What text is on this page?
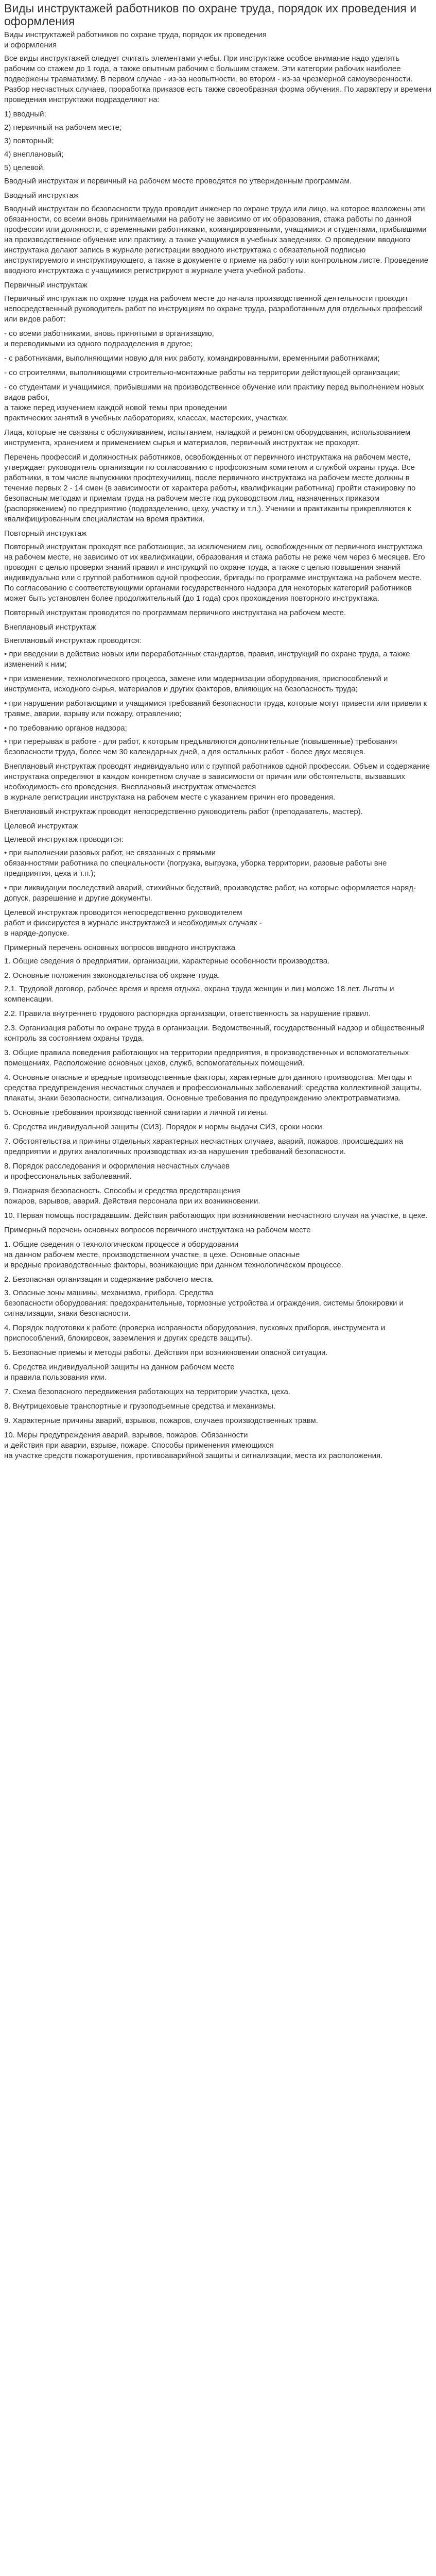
Виды инструктажей работников по охране труда, порядок их проведения и оформления

Виды инструктажей работников по охране труда, порядок их проведения
и оформления

Все виды инструктажей следует считать элементами учебы. При инструктаже особое внимание надо уделять рабочим со стажем до 1 года, а также опытным рабочим с большим стажем. Эти категории рабочих наиболее подвержены травматизму. В первом случае - из-за неопытности, во втором - из-за чрезмерной самоуверенности. Разбор несчастных случаев, проработка приказов есть также своеобразная форма обучения. По характеру и времени проведения инструктажи подразделяют на:

1) вводный;

2) первичный на рабочем месте;

3) повторный;

4) внеплановый;

5) целевой.

Вводный инструктаж и первичный на рабочем месте проводятся по утвержденным программам.

Вводный инструктаж

Вводный инструктаж по безопасности труда проводит инженер по охране труда или лицо, на которое возложены эти обязанности, со всеми вновь принимаемыми на работу не зависимо от их образования, стажа работы по данной профессии или должности, с временными работниками, командированными, учащимися и студентами, прибывшими на производственное обучение или практику, а также учащимися в учебных заведениях. О проведении вводного инструктажа делают запись в журнале регистрации вводного инструктажа с обязательной подписью инструктируемого и инструктирующего, а также в документе о приеме на работу или контрольном листе. Проведение вводного инструктажа с учащимися регистрируют в журнале учета учебной работы.

Первичный инструктаж

Первичный инструктаж по охране труда на рабочем месте до начала производственной деятельности проводит непосредственный руководитель работ по инструкциям по охране труда, разработанным для отдельных профессий или видов работ:

- со всеми работниками, вновь принятыми в организацию,
и переводимыми из одного подразделения в другое;

- с работниками, выполняющими новую для них работу, командированными, временными работниками;

- со строителями, выполняющими строительно-монтажные работы на территории действующей организации;

- со студентами и учащимися, прибывшими на производственное обучение или практику перед выполнением новых видов работ,
а также перед изучением каждой новой темы при проведении
практических занятий в учебных лабораториях, классах, мастерских, участках.

Лица, которые не связаны с обслуживанием, испытанием, наладкой и ремонтом оборудования, использованием инструмента, хранением и применением сырья и материалов, первичный инструктаж не проходят.

Перечень профессий и должностных работников, освобожденных от первичного инструктажа на рабочем месте, утверждает руководитель организации по согласованию с профсоюзным комитетом и службой охраны труда. Все работники, в том числе выпускники профтехучилищ, после первичного инструктажа на рабочем месте должны в течение первых 2 - 14 смен (в зависимости от характера работы, квалификации работника) пройти стажировку по безопасным методам и приемам труда на рабочем месте под руководством лиц, назначенных приказом (распоряжением) по предприятию (подразделению, цеху, участку и т.п.). Ученики и практиканты прикрепляются к квалифицированным специалистам на время практики.

Повторный инструктаж

Повторный инструктаж проходят все работающие, за исключением лиц, освобожденных от первичного инструктажа на рабочем месте, не зависимо от их квалификации, образования и стажа работы не реже чем через 6 месяцев. Его проводят с целью проверки знаний правил и инструкций по охране труда, а также с целью повышения знаний индивидуально или с группой работников одной профессии, бригады по программе инструктажа на рабочем месте. По согласованию с соответствующими органами государственного надзора для некоторых категорий работников может быть установлен более продолжительный (до 1 года) срок прохождения повторного инструктажа.

Повторный инструктаж проводится по программам первичного инструктажа на рабочем месте.

Внеплановый инструктаж

Внеплановый инструктаж проводится:

• при введении в действие новых или переработанных стандартов, правил, инструкций по охране труда, а также изменений к ним;

• при изменении, технологического процесса, замене или модернизации оборудования, приспособлений и инструмента, исходного сырья, материалов и других факторов, влияющих на безопасность труда;

• при нарушении работающими и учащимися требований безопасности труда, которые могут привести или привели к травме, аварии, взрыву или пожару, отравлению;

• по требованию органов надзора;

• при перерывах в работе - для работ, к которым предъявляются дополнительные (повышенные) требования безопасности труда, более чем 30 календарных дней, а для остальных работ - более двух месяцев.

Внеплановый инструктаж проводят индивидуально или с группой работников одной профессии. Объем и содержание инструктажа определяют в каждом конкретном случае в зависимости от причин или обстоятельств, вызвавших необходимость его проведения. Внеплановый инструктаж отмечается
в журнале регистрации инструктажа на рабочем месте с указанием причин его проведения.

Внеплановый инструктаж проводит непосредственно руководитель работ (преподаватель, мастер).

Целевой инструктаж

Целевой инструктаж проводится:

• при выполнении разовых работ, не связанных с прямыми
обязанностями работника по специальности (погрузка, выгрузка, уборка территории, разовые работы вне предприятия, цеха и т.п.);

• при ликвидации последствий аварий, стихийных бедствий, производстве работ, на которые оформляется наряд-допуск, разрешение и другие документы.

Целевой инструктаж проводится непосредственно руководителем
работ и фиксируется в журнале инструктажей и необходимых случаях -
в наряде-допуске.

Примерный перечень основных вопросов вводного инструктажа

1. Общие сведения о предприятии, организации, характерные особенности производства.

2. Основные положения законодательства об охране труда.

2.1. Трудовой договор, рабочее время и время отдыха, охрана труда женщин и лиц моложе 18 лет. Льготы и компенсации.

2.2. Правила внутреннего трудового распорядка организации, ответственность за нарушение правил.

2.3. Организация работы по охране труда в организации. Ведомственный, государственный надзор и общественный контроль за состоянием охраны труда.

3. Общие правила поведения работающих на территории предприятия, в производственных и вспомогательных помещениях. Расположение основных цехов, служб, вспомогательных помещений.

4. Основные опасные и вредные производственные факторы, характерные для данного производства. Методы и средства предупреждения несчастных случаев и профессиональных заболеваний: средства коллективной защиты, плакаты, знаки безопасности, сигнализация. Основные требования по предупреждению электротравматизма.

5. Основные требования производственной санитарии и личной гигиены.

6. Средства индивидуальной защиты (СИЗ). Порядок и нормы выдачи СИЗ, сроки носки.

7. Обстоятельства и причины отдельных характерных несчастных случаев, аварий, пожаров, происшедших на предприятии и других аналогичных производствах из-за нарушения требований безопасности.

8. Порядок расследования и оформления несчастных случаев
и профессиональных заболеваний.

9. Пожарная безопасность. Способы и средства предотвращения
пожаров, взрывов, аварий. Действия персонала при их возникновении.

10. Первая помощь пострадавшим. Действия работающих при возникновении несчастного случая на участке, в цехе.

Примерный перечень основных вопросов первичного инструктажа на рабочем месте

1. Общие сведения о технологическом процессе и оборудовании
на данном рабочем месте, производственном участке, в цехе. Основные опасные
и вредные производственные факторы, возникающие при данном технологическом процессе.

2. Безопасная организация и содержание рабочего места.

3. Опасные зоны машины, механизма, прибора. Средства
безопасности оборудования: предохранительные, тормозные устройства и ограждения, системы блокировки и сигнализации, знаки безопасности.

4. Порядок подготовки к работе (проверка исправности оборудования, пусковых приборов, инструмента и приспособлений, блокировок, заземления и других средств защиты).

5. Безопасные приемы и методы работы. Действия при возникновении опасной ситуации.

6. Средства индивидуальной защиты на данном рабочем месте
и правила пользования ими.

7. Схема безопасного передвижения работающих на территории участка, цеха.

8. Внутрицеховые транспортные и грузоподъемные средства и механизмы.

9. Характерные причины аварий, взрывов, пожаров, случаев производственных травм.

10. Меры предупреждения аварий, взрывов, пожаров. Обязанности
и действия при аварии, взрыве, пожаре. Способы применения имеющихся
на участке средств пожаротушения, противоаварийной защиты и сигнализации, места их расположения.
